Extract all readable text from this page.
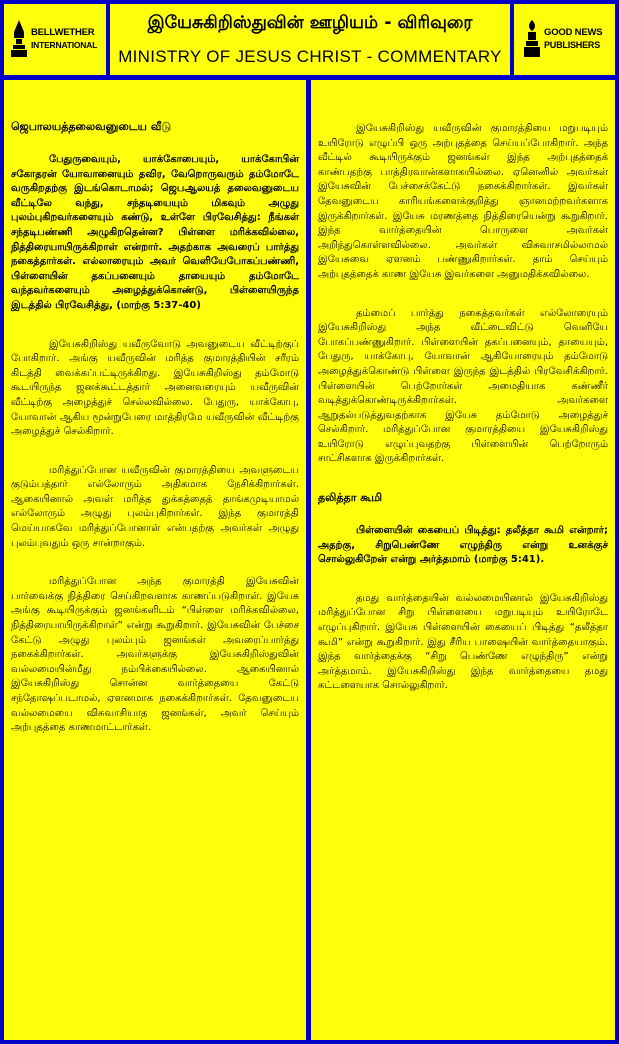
BELLWETHER
INTERNATIONAL
இயேசுகிறிஸ்துவின் ஊழியம் - விரிவுரை
MINISTRY OF JESUS CHRIST - COMMENTARY
GOOD NEWS
PUBLISHERS
ஜெபாலயத்தலைவனுடைய வீடு

பேதுருவையும், யாக்கோபையும், யாக்கோபின் சகோதரன் யோவானையும் தவிர, வேறொருவரும் தம்மோடே வருகிறதற்கு இடங்கொடாமல்; ஜெபஆலயத் தலைவனுடைய வீட்டிலே வந்து, சந்தடியையும் மிகவும் அழுது புலம்புகிறவர்களையும் கண்டு, உள்ளே பிரவேசித்து: நீங்கள் சந்தடிபண்ணி அழுகிறதென்ன? பிள்ளை மரிக்கவில்லை, நித்திரையாயிருக்கிறாள் என்றார். அதற்காக அவரைப் பார்த்து நகைத்தார்கள். எல்லாரையும் அவர் வெளியேபோகப்பண்ணி, பிள்ளையின் தகப்பனையும் தாயையும் தம்மோடே வந்தவர்களையும் அழைத்துக்கொண்டு, பிள்ளையிருந்த இடத்தில் பிரவேசித்து, (மாற்கு 5:37-40)

இயேசுகிறிஸ்து யவீருவோடு அவனுடைய வீட்டிற்குப் போகிறார். அங்கு யவீருவின் மரித்த குமாரத்தியின் சரீரம் கிடத்தி வைக்கப்பட்டிருக்கிறது. இயேசுகிறிஸ்து தம்மோடு கூடயிருந்த ஜனக்கூட்டத்தார் அனைவரையும் யவீருவின் வீட்டிற்கு அழைத்துச் செல்லவில்லை. பேதுரு, யாக்கோபு, யோவான் ஆகிய மூன்றுபேரை மாத்திரமே யவீருவின் வீட்டிற்கு அழைத்துச் செல்கிறார்.

மரித்துப்போன யவீருவின் குமாரத்தியை அவளுடைய குடும்பத்தார் எல்லோரும் அதிகமாக நேசிக்கிறார்கள். ஆகையினால் அவள் மரித்த துக்கத்தைத் தாங்கமுடியாமல் எல்லோரும் அழுது புலம்புகிறார்கள். இந்த குமாரத்தி மெய்யாகவே மரித்துப்போனாள் என்பதற்கு அவர்கள் அழுது புலம்புவதும் ஒரு சான்றாகும்.

மரித்துப்போன அந்த குமாரத்தி இயேசுவின் பார்வைக்கு நித்திரை செய்கிறவளாக காணப்படுகிறாள். இயேசு அங்கு கூடியிருக்கும் ஜனங்களிடம் “பிள்ளை மரிக்கவில்லை, நித்திரையாயிருக்கிறாள்” என்று கூறுகிறார். இயேசுவின் பேச்சை கேட்டு அழுது புலம்பும் ஜனங்கள் அவரைப்பார்த்து நகைக்கிறார்கள். அவர்களுக்கு இயேசுகிறிஸ்துவின் வல்லமையின்மீது நம்பிக்கையில்லை. ஆகையினால் இயேசுகிறிஸ்து சொன்ன வார்த்தையை கேட்டு சந்தோஷப்படாமல், ஏளனமாக நகைக்கிறார்கள். தேவனுடைய வல்லமையை விசுவாசியாத ஜனங்கள், அவர் செய்யும் அற்புதத்தை காணமாட்டார்கள்.

இயேசுகிறிஸ்து யவீருவின் குமாரத்தியை மறுபடியும் உயிரோடு எழுப்பி ஒரு அற்புதத்தை செய்யப்போகிறார். அந்த வீட்டில் கூடியிருக்கும் ஜனங்கள் இந்த அற்புதத்தைக் காண்பதற்கு பாத்திரவான்களாகயில்லை. ஏனெனில் அவர்கள் இயேசுவின் பேச்சைக்கேட்டு நகைக்கிறார்கள். இவர்கள் தேவனுடைய காரியங்களைக்குறித்து ஞானமற்றவர்களாக இருக்கிறார்கள். இயேசு மரணத்தை நித்திரையென்று கூறுகிறார். இந்த வார்த்தையின் பொருளை அவர்கள் அறிந்துகொள்ளவில்லை. அவர்கள் விசுவாசமில்லாமல் இயேசுவை ஏளனம் பண்ணுகிறார்கள். தாம் செய்யும் அற்புதத்தைக் காண இயேசு இவர்களை அனுமதிக்கவில்லை.

தம்மைப் பார்த்து நகைத்தவர்கள் எல்லோரையும் இயேசுகிறிஸ்து அந்த வீட்டைவிட்டு வெளியே போகப்பண்ணுகிறார். பிள்ளையின் தகப்பனையும், தாயையும், பேதுரு, யாக்கோபு, யோவான் ஆகியோரையும் தம்மோடு அழைத்துக்கொண்டு பிள்ளை இருந்த இடத்தில் பிரவேசிக்கிறார். பிள்ளையின் பெற்றோர்கள் அமைதியாக கண்ணீர் வடித்துக்கொண்டிருக்கிறார்கள். அவர்களை ஆறுதல்படுத்துவதற்காக இயேசு தம்மோடு அழைத்துச் செல்கிறார். மரித்துப்போன குமாரத்தியை இயேசுகிறிஸ்து உயிரோடு எழுப்புவதற்கு பிள்ளையின் பெற்றோரும் சாட்சிகளாக இருக்கிறார்கள்.

தலித்தா கூமி

பிள்ளையின் கையைப் பிடித்து: தலீத்தா கூமி என்றார்; அதற்கு, சிறுபெண்ணே எழுந்திரு என்று உனக்குச் சொல்லுகிறேன் என்று அர்த்தமாம் (மாற்கு 5:41).

தமது வார்த்தையின் வல்லமையினால் இயேசுகிறிஸ்து மரித்துப்போன சிறு பிள்ளையை மறுபடியும் உயிரோடே எழுப்புகிறார். இயேசு பிள்ளையின் கையைப் பிடித்து “தலீத்தா கூமி” என்று கூறுகிறார். இது சீரிய பாஷையின் வார்த்தையாகும். இந்த வார்த்தைக்கு “சிறு பெண்ணே எழுந்திரு” என்று அர்த்தமாம். இயேசுகிறிஸ்து இந்த வார்த்தையை தமது கட்டளையாக சொல்லுகிறார்.
